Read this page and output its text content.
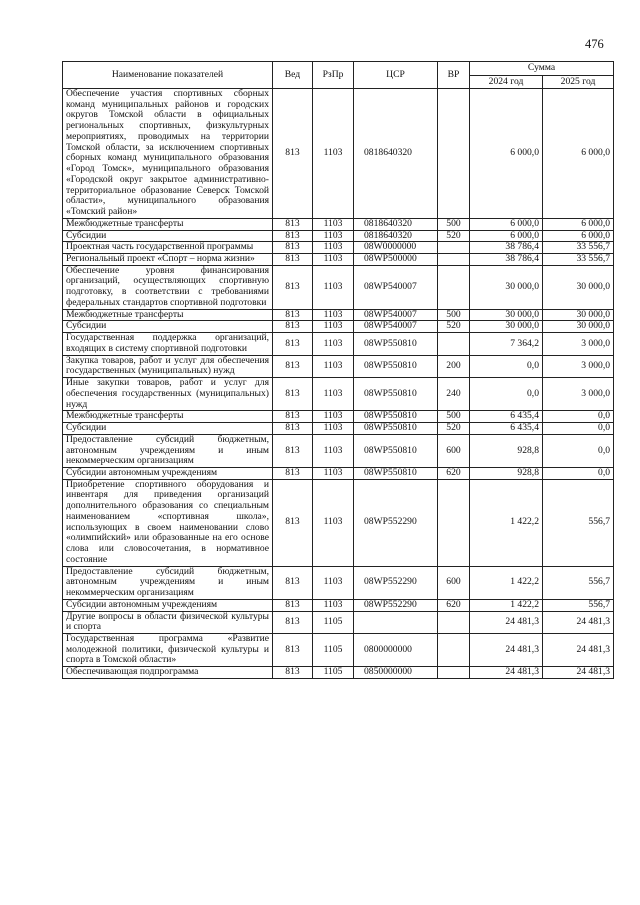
476
Наименование показателей	Вед	РзПр	ЦСР	ВР	Сумма	
					2024 год	2025 год
Обеспечение участия спортивных сборных команд муниципальных районов и городских округов Томской области в официальных региональных спортивных, физкультурных мероприятиях, проводимых на территории Томской области, за исключением спортивных сборных команд муниципального образования «Город Томск», муниципального образования «Городской округ закрытое административно-территориальное образование Северск Томской области», муниципального образования «Томский район»	813	1103	0818640320		6 000,0	6 000,0
Межбюджетные трансферты	813	1103	0818640320	500	6 000,0	6 000,0
Субсидии	813	1103	0818640320	520	6 000,0	6 000,0
Проектная часть государственной программы	813	1103	08W0000000		38 786,4	33 556,7
Региональный проект «Спорт – норма жизни»	813	1103	08WP500000		38 786,4	33 556,7
Обеспечение уровня финансирования организаций, осуществляющих спортивную подготовку, в соответствии с требованиями федеральных стандартов спортивной подготовки	813	1103	08WP540007		30 000,0	30 000,0
Межбюджетные трансферты	813	1103	08WP540007	500	30 000,0	30 000,0
Субсидии	813	1103	08WP540007	520	30 000,0	30 000,0
Государственная поддержка организаций, входящих в систему спортивной подготовки	813	1103	08WP550810		7 364,2	3 000,0
Закупка товаров, работ и услуг для обеспечения государственных (муниципальных) нужд	813	1103	08WP550810	200	0,0	3 000,0
Иные закупки товаров, работ и услуг для обеспечения государственных (муниципальных) нужд	813	1103	08WP550810	240	0,0	3 000,0
Межбюджетные трансферты	813	1103	08WP550810	500	6 435,4	0,0
Субсидии	813	1103	08WP550810	520	6 435,4	0,0
Предоставление субсидий бюджетным, автономным учреждениям и иным некоммерческим организациям	813	1103	08WP550810	600	928,8	0,0
Субсидии автономным учреждениям	813	1103	08WP550810	620	928,8	0,0
Приобретение спортивного оборудования и инвентаря для приведения организаций дополнительного образования со специальным наименованием «спортивная школа», использующих в своем наименовании слово «олимпийский» или образованные на его основе слова или словосочетания, в нормативное состояние	813	1103	08WP552290		1 422,2	556,7
Предоставление субсидий бюджетным, автономным учреждениям и иным некоммерческим организациям	813	1103	08WP552290	600	1 422,2	556,7
Субсидии автономным учреждениям	813	1103	08WP552290	620	1 422,2	556,7
Другие вопросы в области физической культуры и спорта	813	1105			24 481,3	24 481,3
Государственная программа «Развитие молодежной политики, физической культуры и спорта в Томской области»	813	1105	0800000000		24 481,3	24 481,3
Обеспечивающая подпрограмма	813	1105	0850000000		24 481,3	24 481,3
